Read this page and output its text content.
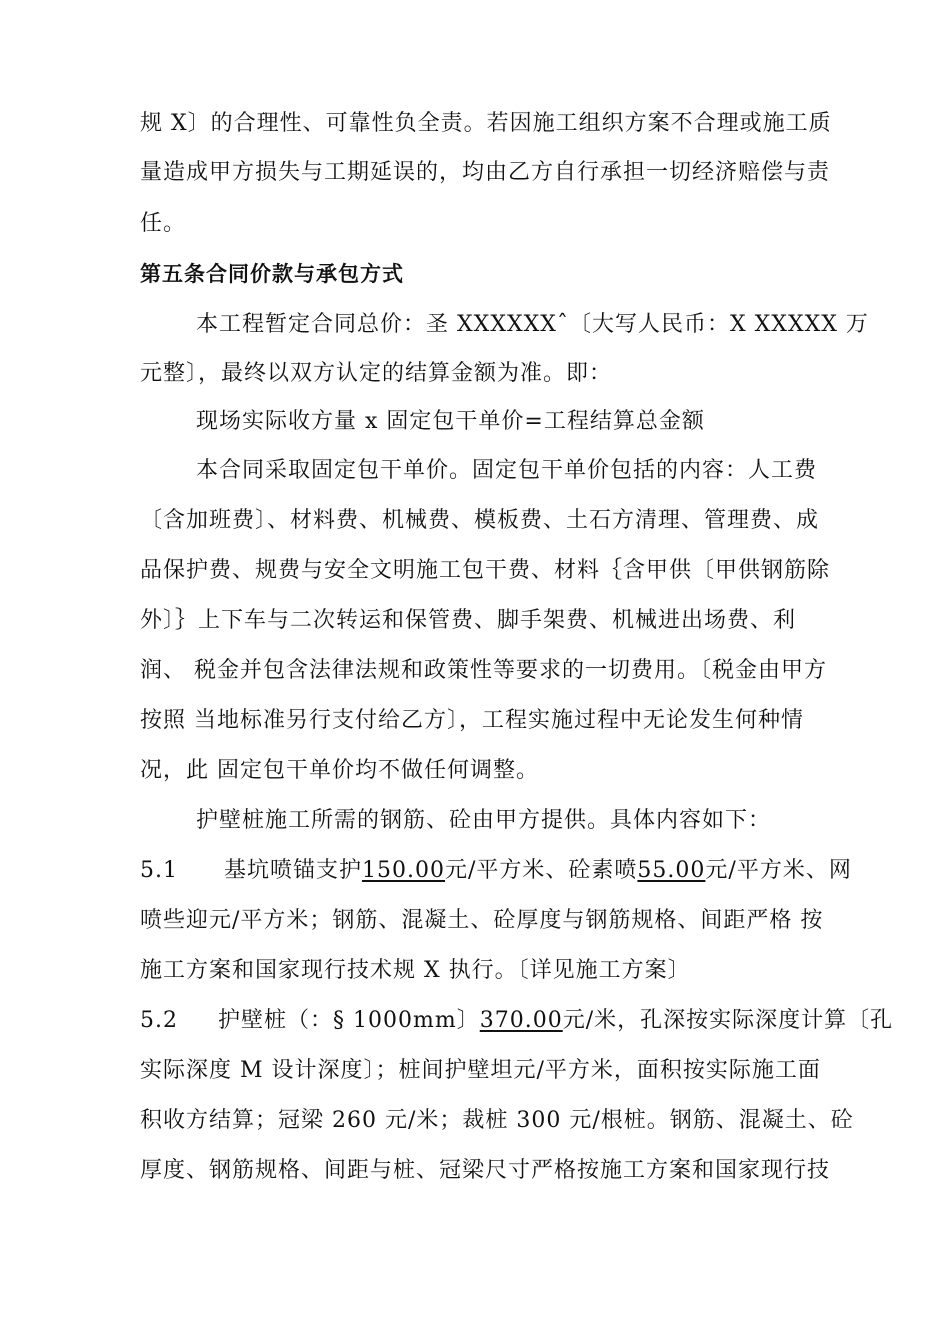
规 X〕的合理性、可靠性负全责。若因施工组织方案不合理或施工质
量造成甲方损失与工期延误的，均由乙方自行承担一切经济赔偿与责
任。
第五条合同价款与承包方式
本工程暂定合同总价：圣 XXXXXXˆ〔大写人民币：X XXXXX 万
元整〕，最终以双方认定的结算金额为准。即：
现场实际收方量 x 固定包干单价=工程结算总金额
本合同采取固定包干单价。固定包干单价包括的内容：人工费
〔含加班费〕、材料费、机械费、模板费、土石方清理、管理费、成
品保护费、规费与安全文明施工包干费、材料｛含甲供〔甲供钢筋除
外〕｝上下车与二次转运和保管费、脚手架费、机械进出场费、利
润、 税金并包含法律法规和政策性等要求的一切费用。〔税金由甲方
按照 当地标准另行支付给乙方〕，工程实施过程中无论发生何种情
况，此 固定包干单价均不做任何调整。
护壁桩施工所需的钢筋、砼由甲方提供。具体内容如下：
5.1 基坑喷锚支护150.00元/平方米、砼素喷55.00元/平方米、网
喷些迎元/平方米；钢筋、混凝土、砼厚度与钢筋规格、间距严格 按
施工方案和国家现行技术规 X 执行。〔详见施工方案〕
5.2 护壁桩（：§ 1000mm〕370.00元/米，孔深按实际深度计算〔孔
实际深度 M 设计深度〕；桩间护壁坦元/平方米，面积按实际施工面
积收方结算；冠梁 260 元/米；裁桩 300 元/根桩。钢筋、混凝土、砼
厚度、钢筋规格、间距与桩、冠梁尺寸严格按施工方案和国家现行技
